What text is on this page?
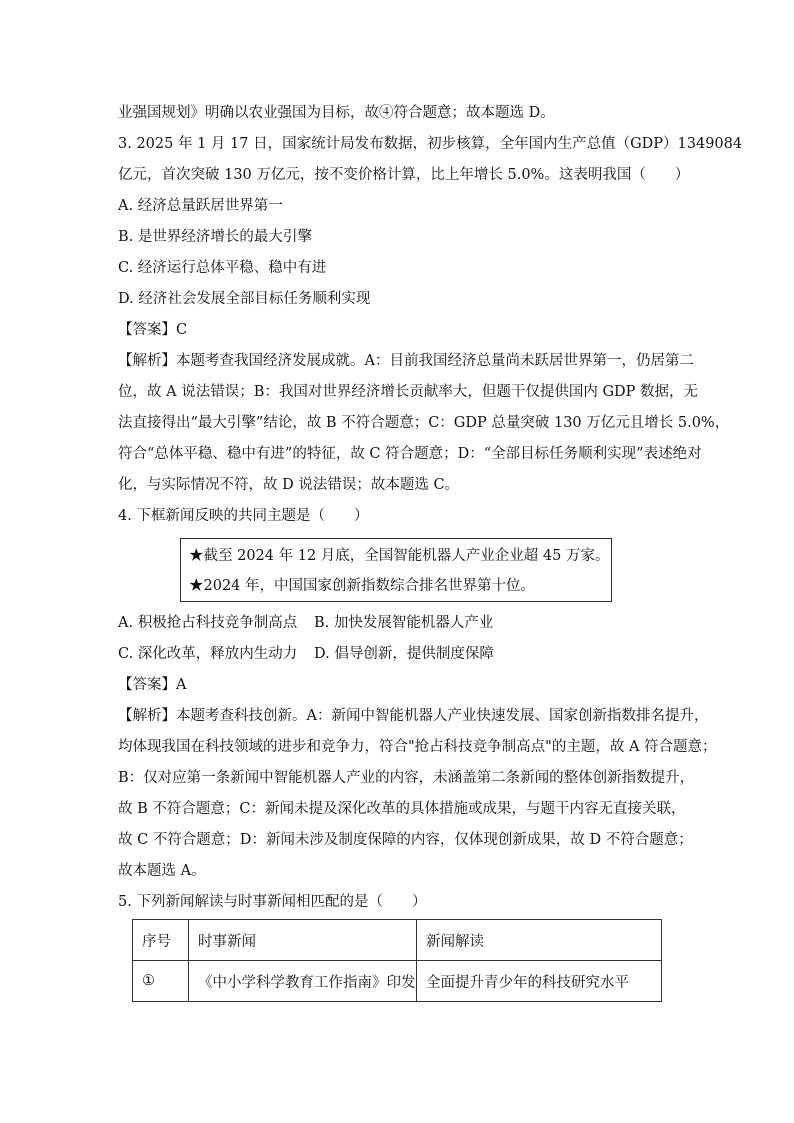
业强国规划》明确以农业强国为目标，故④符合题意；故本题选 D。
3. 2025 年 1 月 17 日，国家统计局发布数据，初步核算，全年国内生产总值（GDP）1349084
亿元，首次突破 130 万亿元，按不变价格计算，比上年增长 5.0%。这表明我国（　　）
A. 经济总量跃居世界第一
B. 是世界经济增长的最大引擎
C. 经济运行总体平稳、稳中有进
D. 经济社会发展全部目标任务顺利实现
【答案】C
【解析】本题考查我国经济发展成就。A：目前我国经济总量尚未跃居世界第一，仍居第二
位，故 A 说法错误；B：我国对世界经济增长贡献率大，但题干仅提供国内 GDP 数据，无
法直接得出“最大引擎”结论，故 B 不符合题意；C：GDP 总量突破 130 万亿元且增长 5.0%，
符合“总体平稳、稳中有进”的特征，故 C 符合题意；D：“全部目标任务顺利实现”表述绝对
化，与实际情况不符，故 D 说法错误；故本题选 C。
4. 下框新闻反映的共同主题是（　　）
★截至 2024 年 12 月底，全国智能机器人产业企业超 45 万家。
★2024 年，中国国家创新指数综合排名世界第十位。
A. 积极抢占科技竞争制高点 B. 加快发展智能机器人产业
C. 深化改革，释放内生动力 D. 倡导创新，提供制度保障
【答案】A
【解析】本题考查科技创新。A：新闻中智能机器人产业快速发展、国家创新指数排名提升，
均体现我国在科技领域的进步和竞争力，符合"抢占科技竞争制高点"的主题，故 A 符合题意；
B：仅对应第一条新闻中智能机器人产业的内容，未涵盖第二条新闻的整体创新指数提升，
故 B 不符合题意；C：新闻未提及深化改革的具体措施或成果，与题干内容无直接关联，
故 C 不符合题意；D：新闻未涉及制度保障的内容，仅体现创新成果，故 D 不符合题意；
故本题选 A。
5. 下列新闻解读与时事新闻相匹配的是（　　）
序号	时事新闻	新闻解读
①	《中小学科学教育工作指南》印发	全面提升青少年的科技研究水平
